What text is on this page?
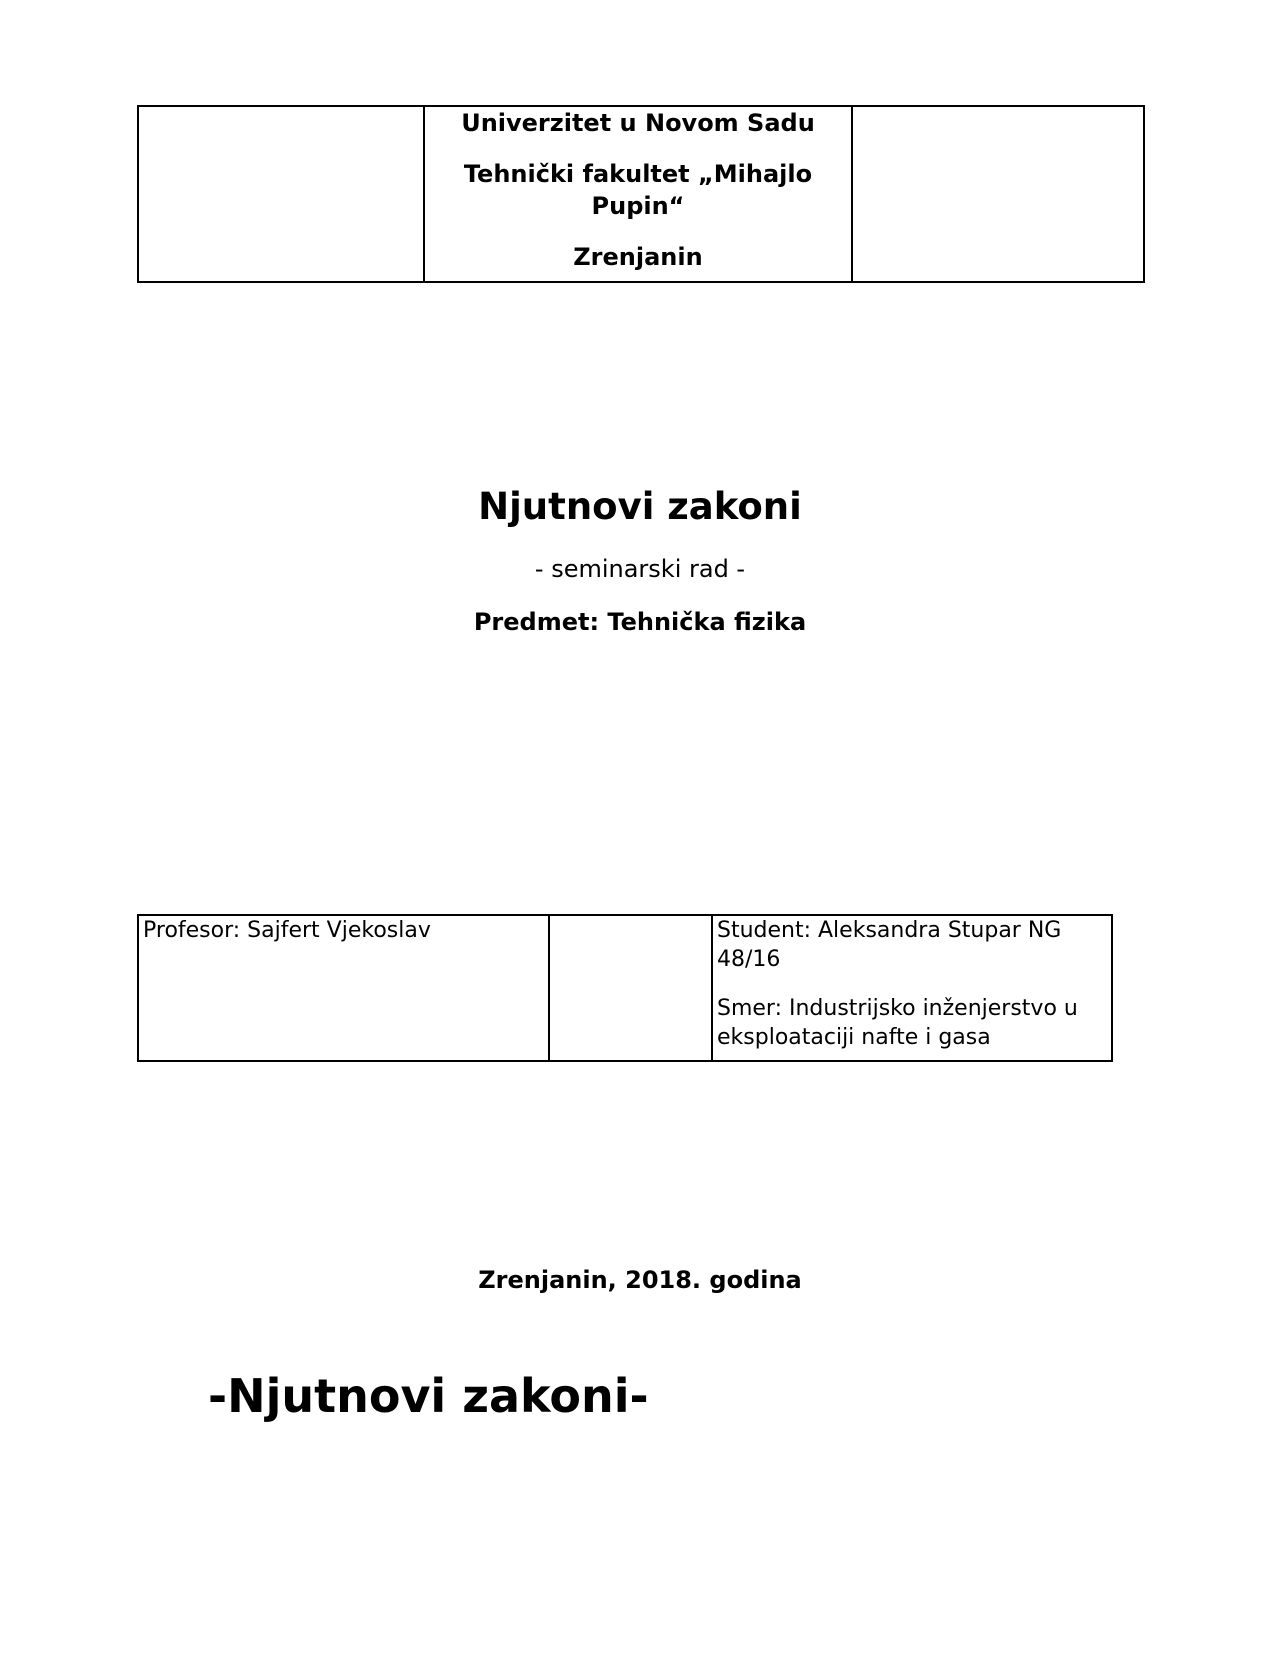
Univerzitet u Novom Sadu

Tehnički fakultet „Mihajlo Pupin“

Zrenjanin

Njutnovi zakoni
- seminarski rad -
Predmet: Tehnička fizika

Profesor: Sajfert Vjekoslav		Student: Aleksandra Stupar NG 48/16

Smer: Industrijsko inženjerstvo u eksploataciji nafte i gasa

Zrenjanin, 2018. godina
-Njutnovi zakoni-
